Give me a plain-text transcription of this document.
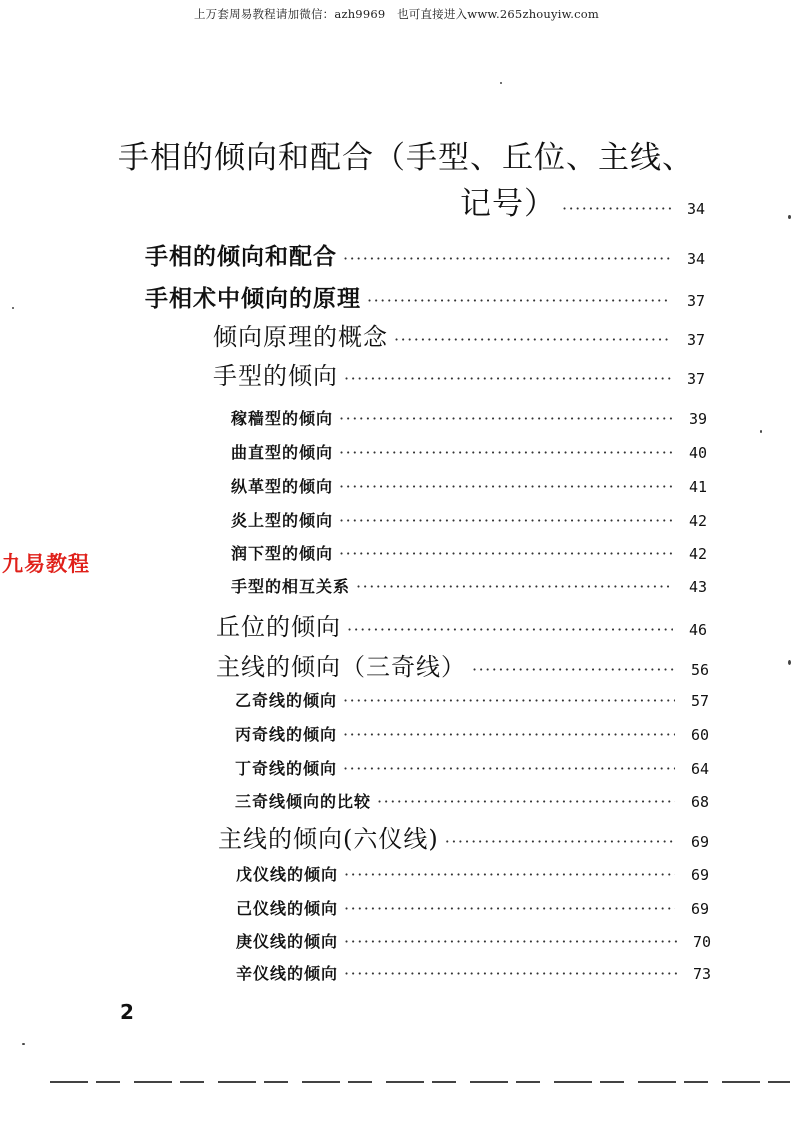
上万套周易教程请加微信：azh9969　也可直接进入www.265zhouyiw.com
九易教程
手相的倾向和配合（手型、丘位、主线、
记号） ·····	34
手相的倾向和配合 ·····	34
手相术中倾向的原理 ·····	37
倾向原理的概念 ·····	37
手型的倾向 ·····	37
稼穑型的倾向 ·····	39
曲直型的倾向 ·····	40
纵革型的倾向 ·····	41
炎上型的倾向 ·····	42
润下型的倾向 ·····	42
手型的相互关系 ·····	43
丘位的倾向 ·····	46
主线的倾向（三奇线） ·····	56
乙奇线的倾向 ·····	57
丙奇线的倾向 ·····	60
丁奇线的倾向 ·····	64
三奇线倾向的比较 ·····	68
主线的倾向(六仪线) ·····	69
戊仪线的倾向 ·····	69
己仪线的倾向 ·····	69
庚仪线的倾向 ·····	70
辛仪线的倾向 ·····	73
2
